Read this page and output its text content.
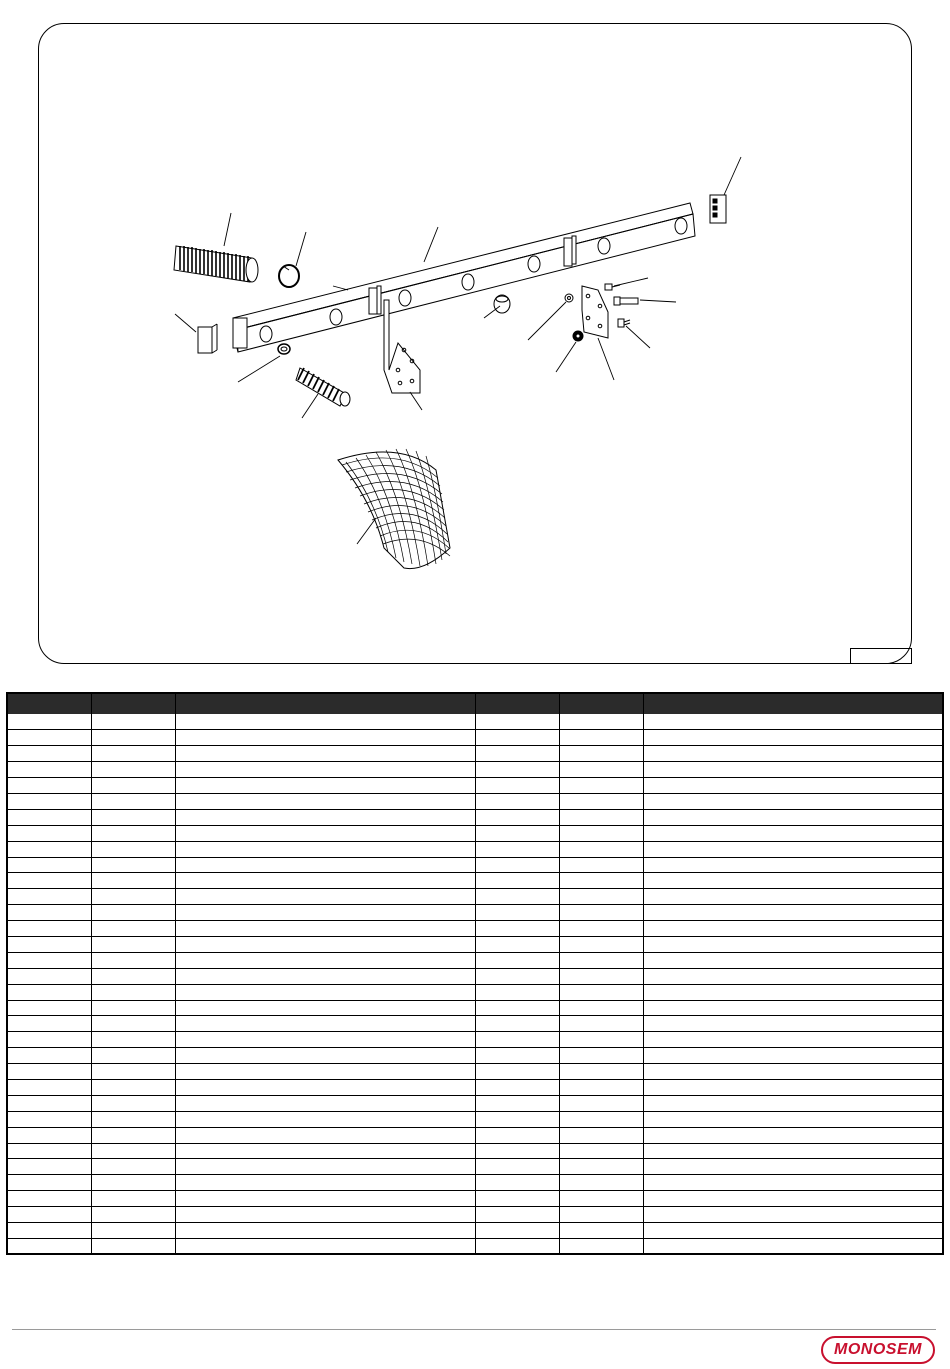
MONOSEM
